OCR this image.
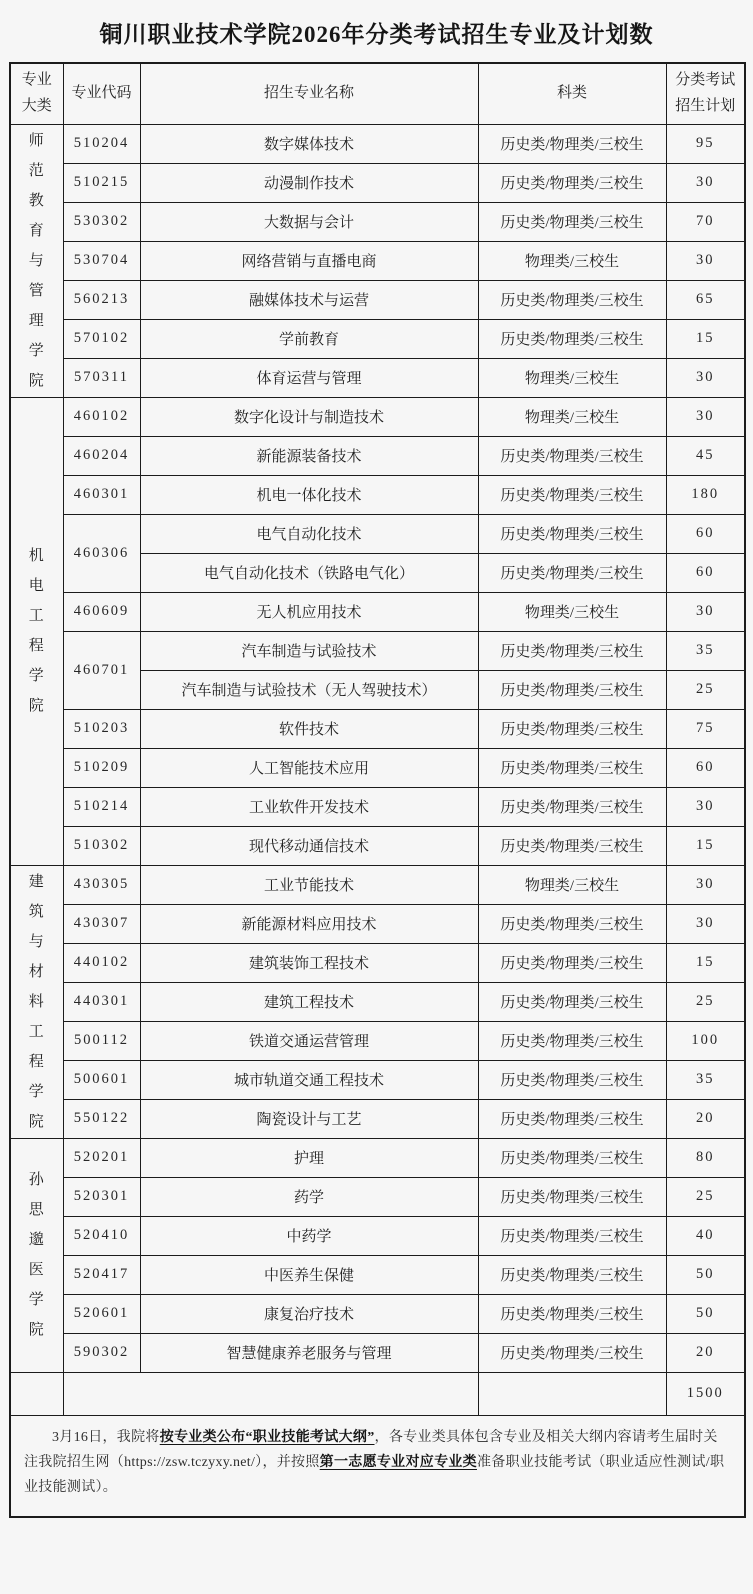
铜川职业技术学院2026年分类考试招生专业及计划数
专业大类	专业代码	招生专业名称	科类	分类考试招生计划
师范教育与管理学院	510204	数字媒体技术	历史类/物理类/三校生	95
	510215	动漫制作技术	历史类/物理类/三校生	30
	530302	大数据与会计	历史类/物理类/三校生	70
	530704	网络营销与直播电商	物理类/三校生	30
	560213	融媒体技术与运营	历史类/物理类/三校生	65
	570102	学前教育	历史类/物理类/三校生	15
	570311	体育运营与管理	物理类/三校生	30
机电工程学院	460102	数字化设计与制造技术	物理类/三校生	30
	460204	新能源装备技术	历史类/物理类/三校生	45
	460301	机电一体化技术	历史类/物理类/三校生	180
	460306	电气自动化技术	历史类/物理类/三校生	60
		电气自动化技术（铁路电气化）	历史类/物理类/三校生	60
	460609	无人机应用技术	物理类/三校生	30
	460701	汽车制造与试验技术	历史类/物理类/三校生	35
		汽车制造与试验技术（无人驾驶技术）	历史类/物理类/三校生	25
	510203	软件技术	历史类/物理类/三校生	75
	510209	人工智能技术应用	历史类/物理类/三校生	60
	510214	工业软件开发技术	历史类/物理类/三校生	30
	510302	现代移动通信技术	历史类/物理类/三校生	15
建筑与材料工程学院	430305	工业节能技术	物理类/三校生	30
	430307	新能源材料应用技术	历史类/物理类/三校生	30
	440102	建筑装饰工程技术	历史类/物理类/三校生	15
	440301	建筑工程技术	历史类/物理类/三校生	25
	500112	铁道交通运营管理	历史类/物理类/三校生	100
	500601	城市轨道交通工程技术	历史类/物理类/三校生	35
	550122	陶瓷设计与工艺	历史类/物理类/三校生	20
孙思邈医学院	520201	护理	历史类/物理类/三校生	80
	520301	药学	历史类/物理类/三校生	25
	520410	中药学	历史类/物理类/三校生	40
	520417	中医养生保健	历史类/物理类/三校生	50
	520601	康复治疗技术	历史类/物理类/三校生	50
	590302	智慧健康养老服务与管理	历史类/物理类/三校生	20
				1500

3月16日，我院将按专业类公布“职业技能考试大纲”，各专业类具体包含专业及相关大纲内容请考生届时关注我院招生网（https://zsw.tczyxy.net/），并按照第一志愿专业对应专业类准备职业技能考试（职业适应性测试/职业技能测试）。				
